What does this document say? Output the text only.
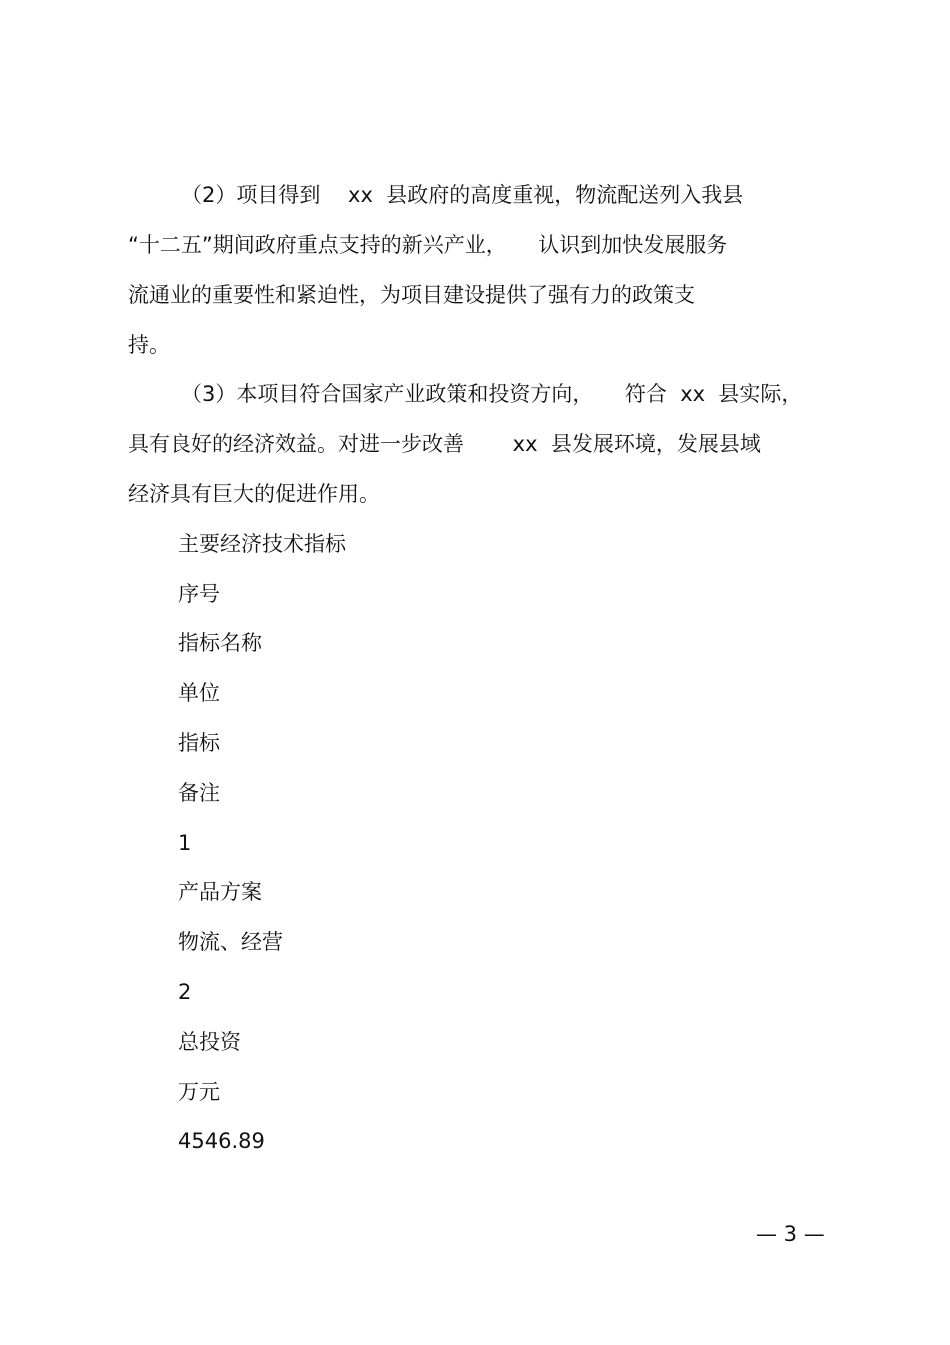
（2）项目得到　 xx  县政府的高度重视，物流配送列入我县
“十二五”期间政府重点支持的新兴产业，　　认识到加快发展服务
流通业的重要性和紧迫性，为项目建设提供了强有力的政策支
持。
（3）本项目符合国家产业政策和投资方向，　　符合  xx  县实际，
具有良好的经济效益。对进一步改善　　 xx  县发展环境，发展县域
经济具有巨大的促进作用。
主要经济技术指标
序号
指标名称
单位
指标
备注
1
产品方案
物流、经营
2
总投资
万元
4546.89
— 3 —
